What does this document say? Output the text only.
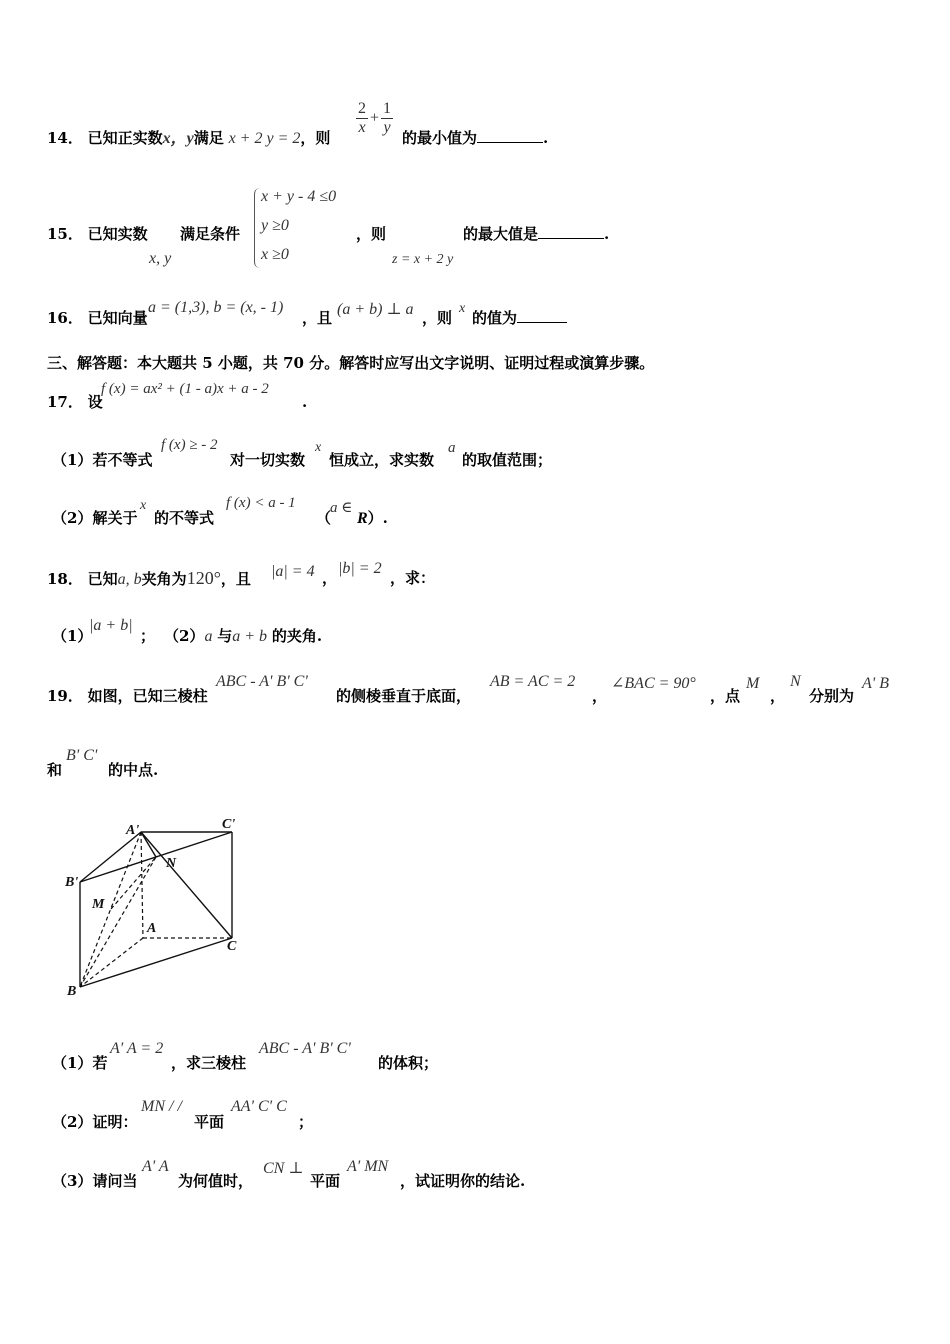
14． 已知正实数x，y满足 x + 2 y = 2，则
$\frac{2}{x} + \frac{1}{y}$
的最小值为	.
15． 已知实数
x, y
满足条件
x + y - 4 ≤0
y ≥0
x ≥0
，则
z = x + 2 y
的最大值是	.
16． 已知向量
a = (1,3), b = (x, - 1)
，且 (a + b) ⊥ a ，则
x
的值为
三、解答题：本大题共 5 小题，共 70 分。解答时应写出文字说明、证明过程或演算步骤。
17． 设
f (x) = ax² + (1 - a)x + a - 2
.
（1）若不等式
f (x) ≥ - 2
对一切实数
x
恒成立，求实数
a
的取值范围；
（2）解关于
x
的不等式
f (x) < a - 1
（
a ∈
R）.
18． 已知a, b夹角为120°，且 |a| = 4 ，
|b| = 2
，求：
（1）
|a + b|
； （2）a 与a + b 的夹角.
19． 如图，已知三棱柱
ABC - A' B' C'
的侧棱垂直于底面，
AB = AC = 2
，
∠BAC = 90°
，点
M
，
N
分别为
A' B
和
B' C'
的中点.
A'	C'
B'
N
M
A
C
B
（1）若
A' A = 2
，求三棱柱
ABC - A' B' C'
的体积；
（2）证明：
MN / /
平面
AA' C' C
；
（3）请问当
A' A
为何值时，
CN ⊥
平面
A' MN
，试证明你的结论.
